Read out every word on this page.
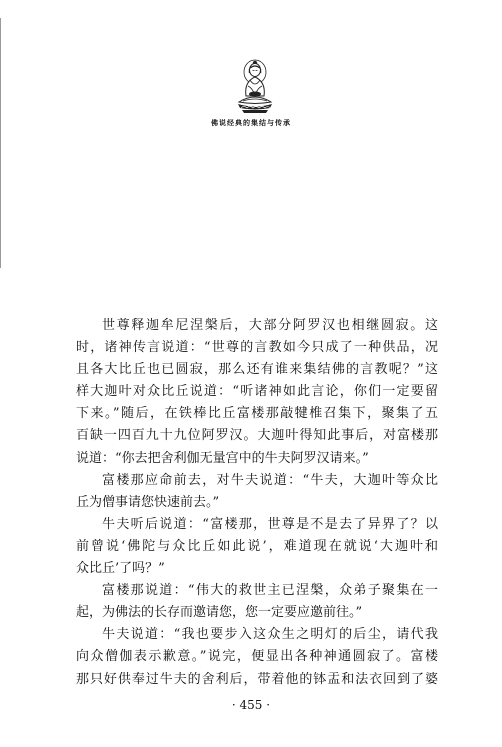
佛说经典的集结与传承
世尊释迦牟尼涅槃后，大部分阿罗汉也相继圆寂。这
时，诸神传言说道：“世尊的言教如今只成了一种供品，况
且各大比丘也已圆寂，那么还有谁来集结佛的言教呢？”这
样大迦叶对众比丘说道：“听诸神如此言论，你们一定要留
下来。”随后，在铁棒比丘富楼那敲犍椎召集下，聚集了五
百缺一四百九十九位阿罗汉。大迦叶得知此事后，对富楼那
说道：“你去把舍利伽无量宫中的牛夫阿罗汉请来。”
富楼那应命前去，对牛夫说道：“牛夫，大迦叶等众比
丘为僧事请您快速前去。”
牛夫听后说道：“富楼那，世尊是不是去了异界了？以
前曾说‘佛陀与众比丘如此说’，难道现在就说‘大迦叶和
众比丘’了吗？”
富楼那说道：“伟大的救世主已涅槃，众弟子聚集在一
起，为佛法的长存而邀请您，您一定要应邀前往。”
牛夫说道：“我也要步入这众生之明灯的后尘，请代我
向众僧伽表示歉意。”说完，便显出各种神通圆寂了。富楼
那只好供奉过牛夫的舍利后，带着他的钵盂和法衣回到了婆
· 455 ·
